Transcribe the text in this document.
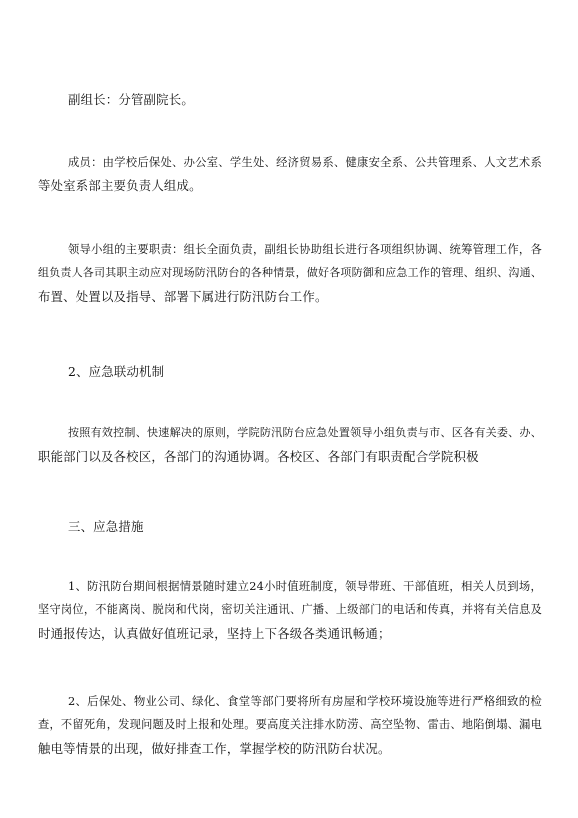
副组长：分管副院长。

成员：由学校后保处、办公室、学生处、经济贸易系、健康安全系、公共管理系、人文艺术系
等处室系部主要负责人组成。

领导小组的主要职责：组长全面负责，副组长协助组长进行各项组织协调、统筹管理工作，各
组负责人各司其职主动应对现场防汛防台的各种情景，做好各项防御和应急工作的管理、组织、沟通、
布置、处置以及指导、部署下属进行防汛防台工作。

2、应急联动机制

按照有效控制、快速解决的原则，学院防汛防台应急处置领导小组负责与市、区各有关委、办、
职能部门以及各校区，各部门的沟通协调。各校区、各部门有职责配合学院积极

三、应急措施

1、防汛防台期间根据情景随时建立24小时值班制度，领导带班、干部值班，相关人员到场，
坚守岗位，不能离岗、脱岗和代岗，密切关注通讯、广播、上级部门的电话和传真，并将有关信息及
时通报传达，认真做好值班记录，坚持上下各级各类通讯畅通；

2、后保处、物业公司、绿化、食堂等部门要将所有房屋和学校环境设施等进行严格细致的检
查，不留死角，发现问题及时上报和处理。要高度关注排水防涝、高空坠物、雷击、地陷倒塌、漏电
触电等情景的出现，做好排查工作，掌握学校的防汛防台状况。
